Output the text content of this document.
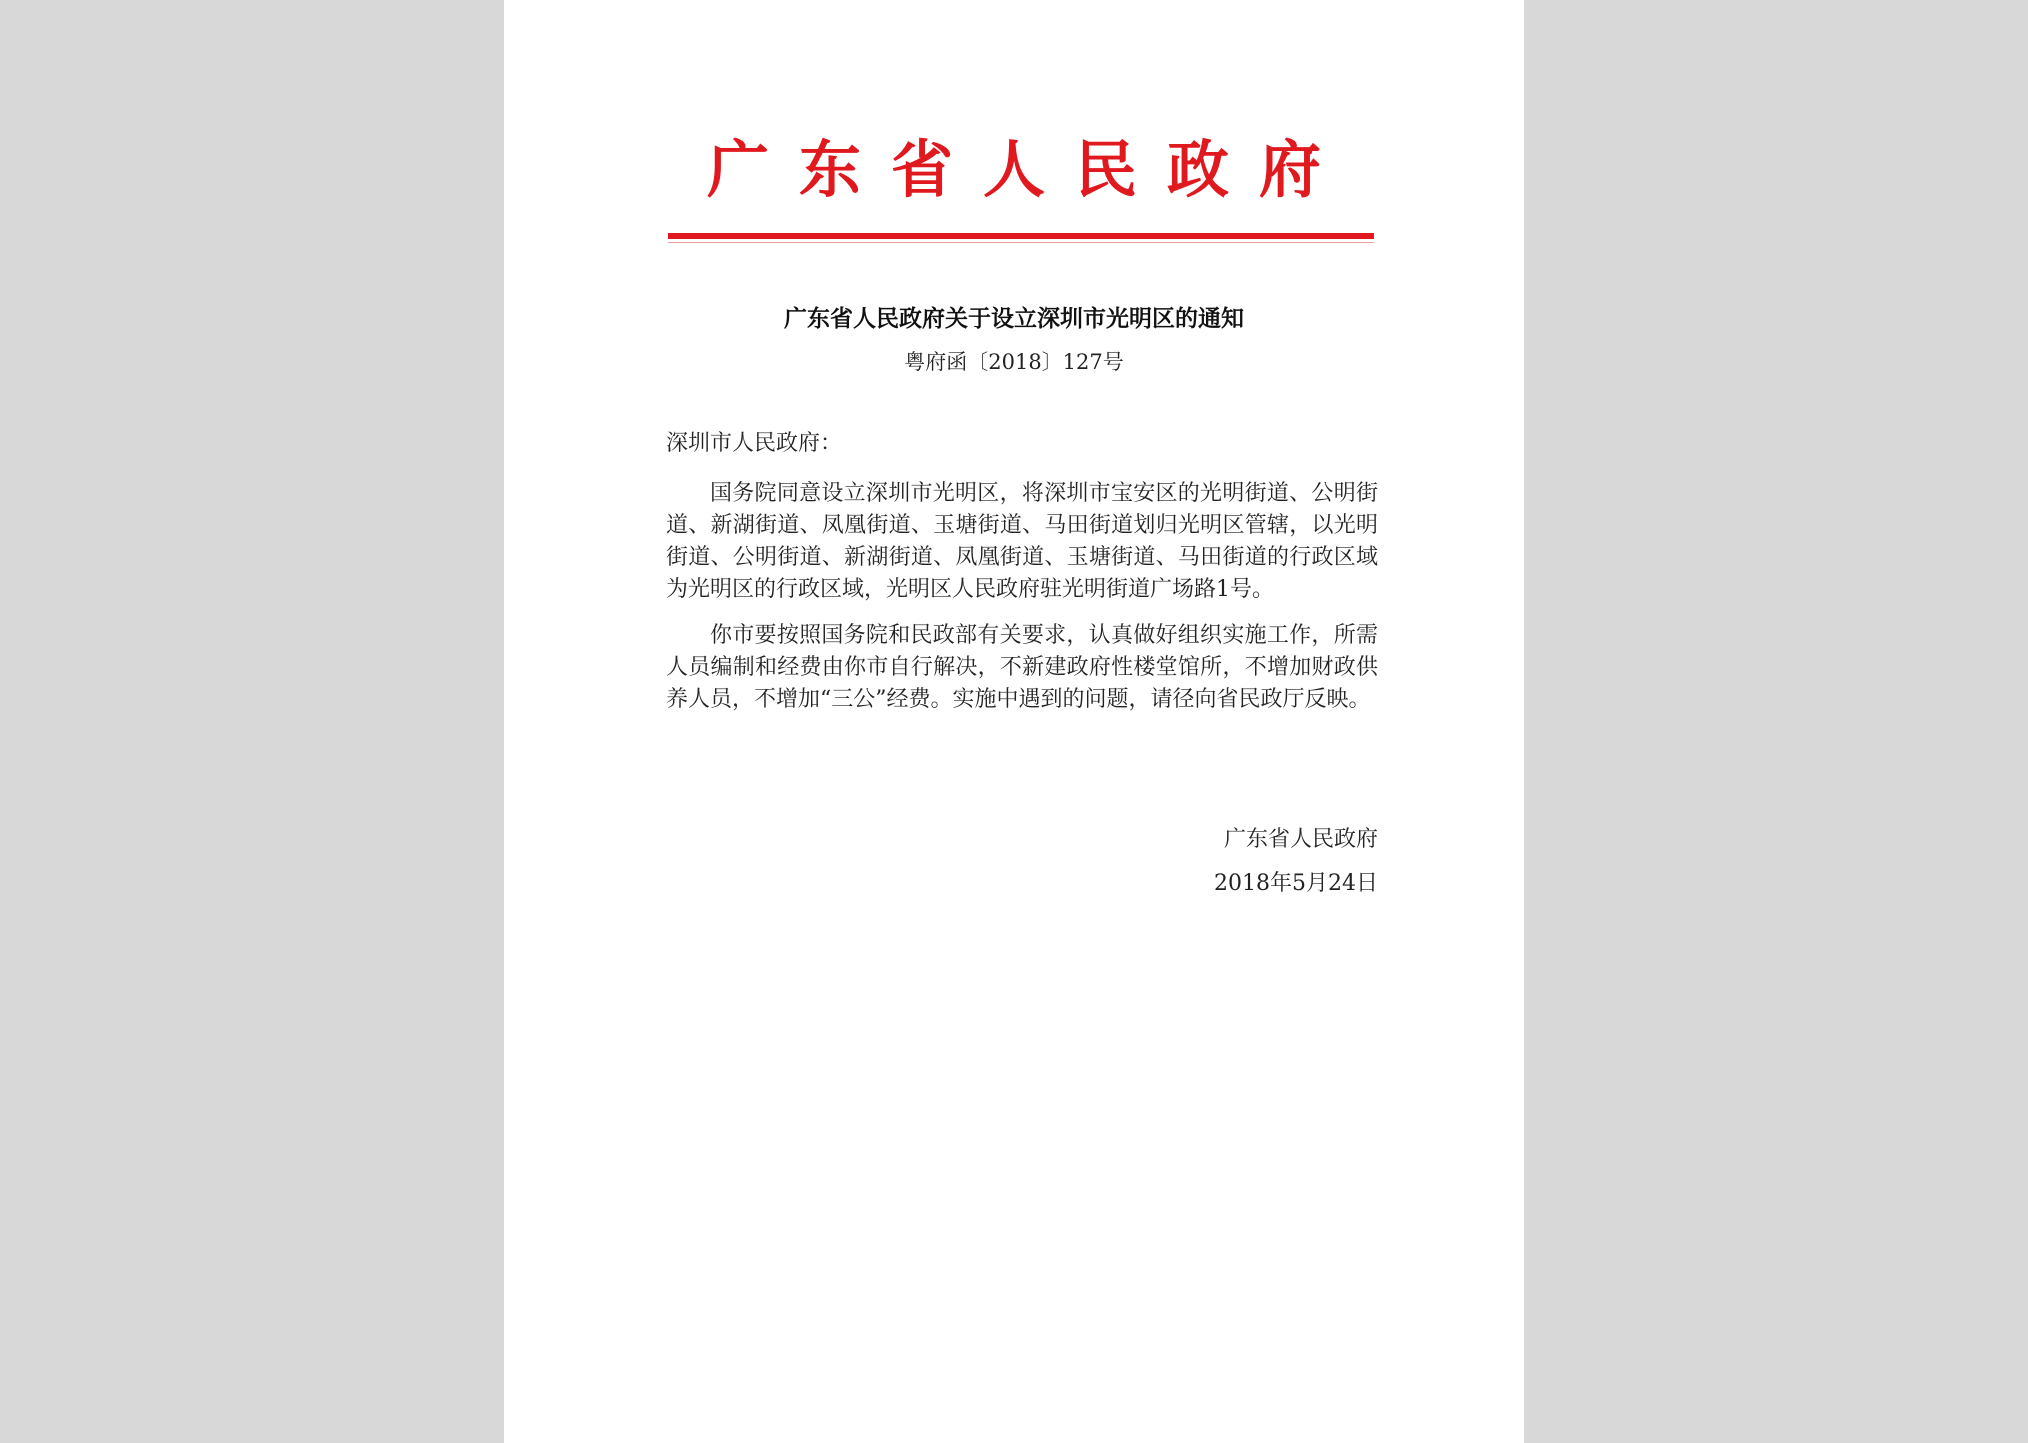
广东省人民政府
广东省人民政府关于设立深圳市光明区的通知
粤府函〔2018〕127号

深圳市人民政府：

国务院同意设立深圳市光明区，将深圳市宝安区的光明街道、公明街道、新湖街道、凤凰街道、玉塘街道、马田街道划归光明区管辖，以光明街道、公明街道、新湖街道、凤凰街道、玉塘街道、马田街道的行政区域为光明区的行政区域，光明区人民政府驻光明街道广场路1号。

你市要按照国务院和民政部有关要求，认真做好组织实施工作，所需人员编制和经费由你市自行解决，不新建政府性楼堂馆所，不增加财政供养人员，不增加“三公”经费。实施中遇到的问题，请径向省民政厅反映。

广东省人民政府
2018年5月24日
